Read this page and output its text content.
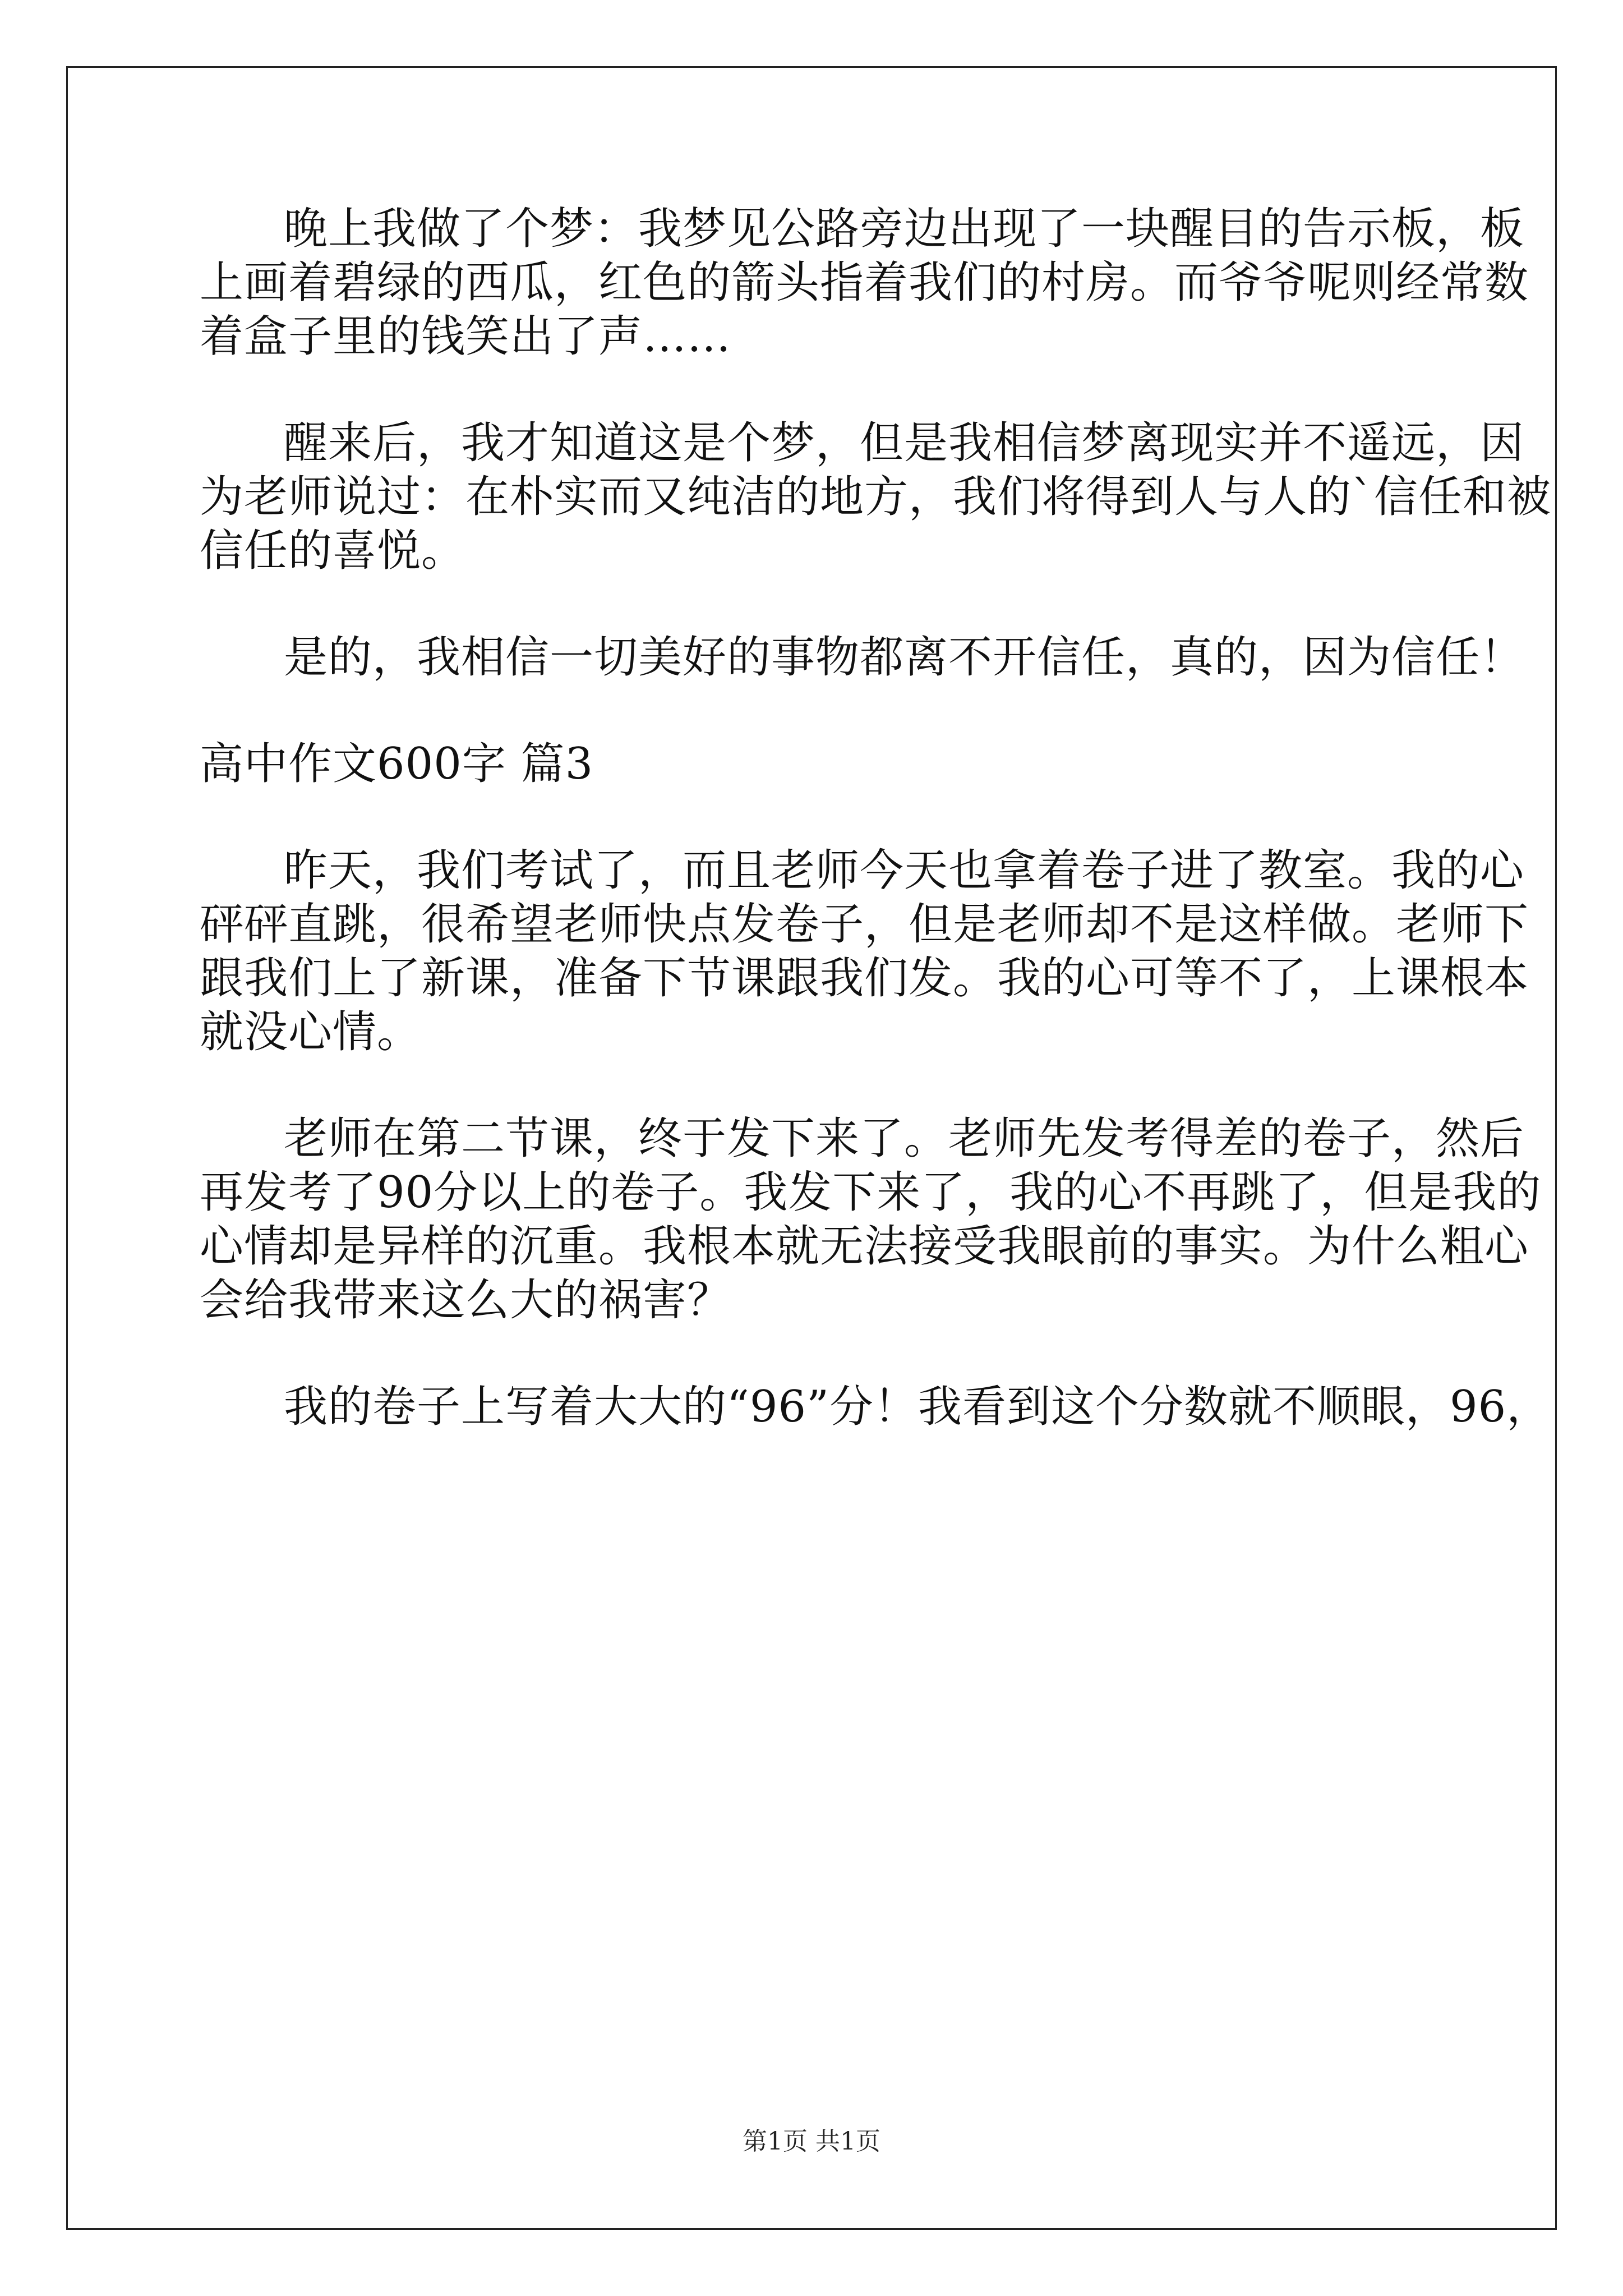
晚上我做了个梦：我梦见公路旁边出现了一块醒目的告示板，板
上画着碧绿的西瓜，红色的箭头指着我们的村房。而爷爷呢则经常数
着盒子里的钱笑出了声……
醒来后，我才知道这是个梦，但是我相信梦离现实并不遥远，因
为老师说过：在朴实而又纯洁的地方，我们将得到人与人的`信任和被
信任的喜悦。
是的，我相信一切美好的事物都离不开信任，真的，因为信任！
高中作文600字 篇3
昨天，我们考试了，而且老师今天也拿着卷子进了教室。我的心
砰砰直跳，很希望老师快点发卷子，但是老师却不是这样做。老师下
跟我们上了新课，准备下节课跟我们发。我的心可等不了，上课根本
就没心情。
老师在第二节课，终于发下来了。老师先发考得差的卷子，然后
再发考了90分以上的卷子。我发下来了，我的心不再跳了，但是我的
心情却是异样的沉重。我根本就无法接受我眼前的事实。为什么粗心
会给我带来这么大的祸害？
我的卷子上写着大大的“96”分！我看到这个分数就不顺眼，96，
第1页 共1页
